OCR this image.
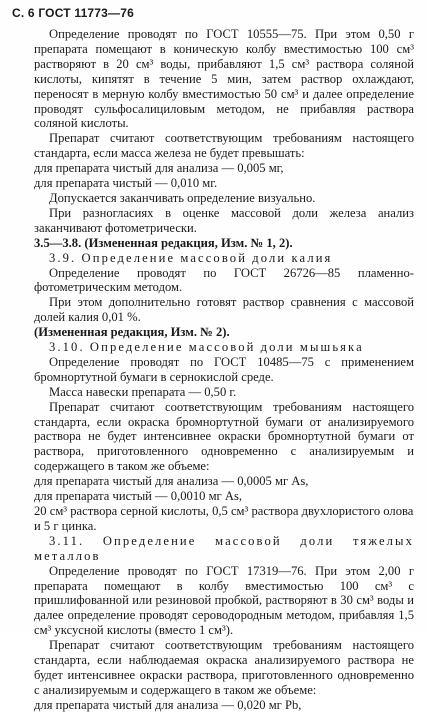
С. 6 ГОСТ 11773—76

Определение проводят по ГОСТ 10555—75. При этом 0,50 г препарата помещают в коническую колбу вместимостью 100 см³ растворяют в 20 см³ воды, прибавляют 1,5 см³ раствора соляной кислоты, кипятят в течение 5 мин, затем раствор охлаждают, переносят в мерную колбу вместимостью 50 см³ и далее определение проводят сульфосалициловым методом, не прибавляя раствора соляной кислоты.

Препарат считают соответствующим требованиям настоящего стандарта, если масса железа не будет превышать:

для препарата чистый для анализа — 0,005 мг,

для препарата чистый — 0,010 мг.

Допускается заканчивать определение визуально.

При разногласиях в оценке массовой доли железа анализ заканчивают фотометрически.

3.5—3.8. (Измененная редакция, Изм. № 1, 2).

3.9. Определение массовой доли калия

Определение проводят по ГОСТ 26726—85 пламенно-фотометрическим методом.

При этом дополнительно готовят раствор сравнения с массовой долей калия 0,01 %.

(Измененная редакция, Изм. № 2).

3.10. Определение массовой доли мышьяка

Определение проводят по ГОСТ 10485—75 с применением бромнортутной бумаги в сернокислой среде.

Масса навески препарата — 0,50 г.

Препарат считают соответствующим требованиям настоящего стандарта, если окраска бромнортутной бумаги от анализируемого раствора не будет интенсивнее окраски бромнортутной бумаги от раствора, приготовленного одновременно с анализируемым и содержащего в таком же объеме:

для препарата чистый для анализа — 0,0005 мг As,

для препарата чистый — 0,0010 мг As,

20 см³ раствора серной кислоты, 0,5 см³ раствора двухлористого олова и 5 г цинка.

3.11. Определение массовой доли тяжелых металлов

Определение проводят по ГОСТ 17319—76. При этом 2,00 г препарата помещают в колбу вместимостью 100 см³ с пришлифованной или резиновой пробкой, растворяют в 30 см³ воды и далее определение проводят сероводородным методом, прибавляя 1,5 см³ уксусной кислоты (вместо 1 см³).

Препарат считают соответствующим требованиям настоящего стандарта, если наблюдаемая окраска анализируемого раствора не будет интенсивнее окраски раствора, приготовленного одновременно с анализируемым и содержащего в таком же объеме:

для препарата чистый для анализа — 0,020 мг Pb,
